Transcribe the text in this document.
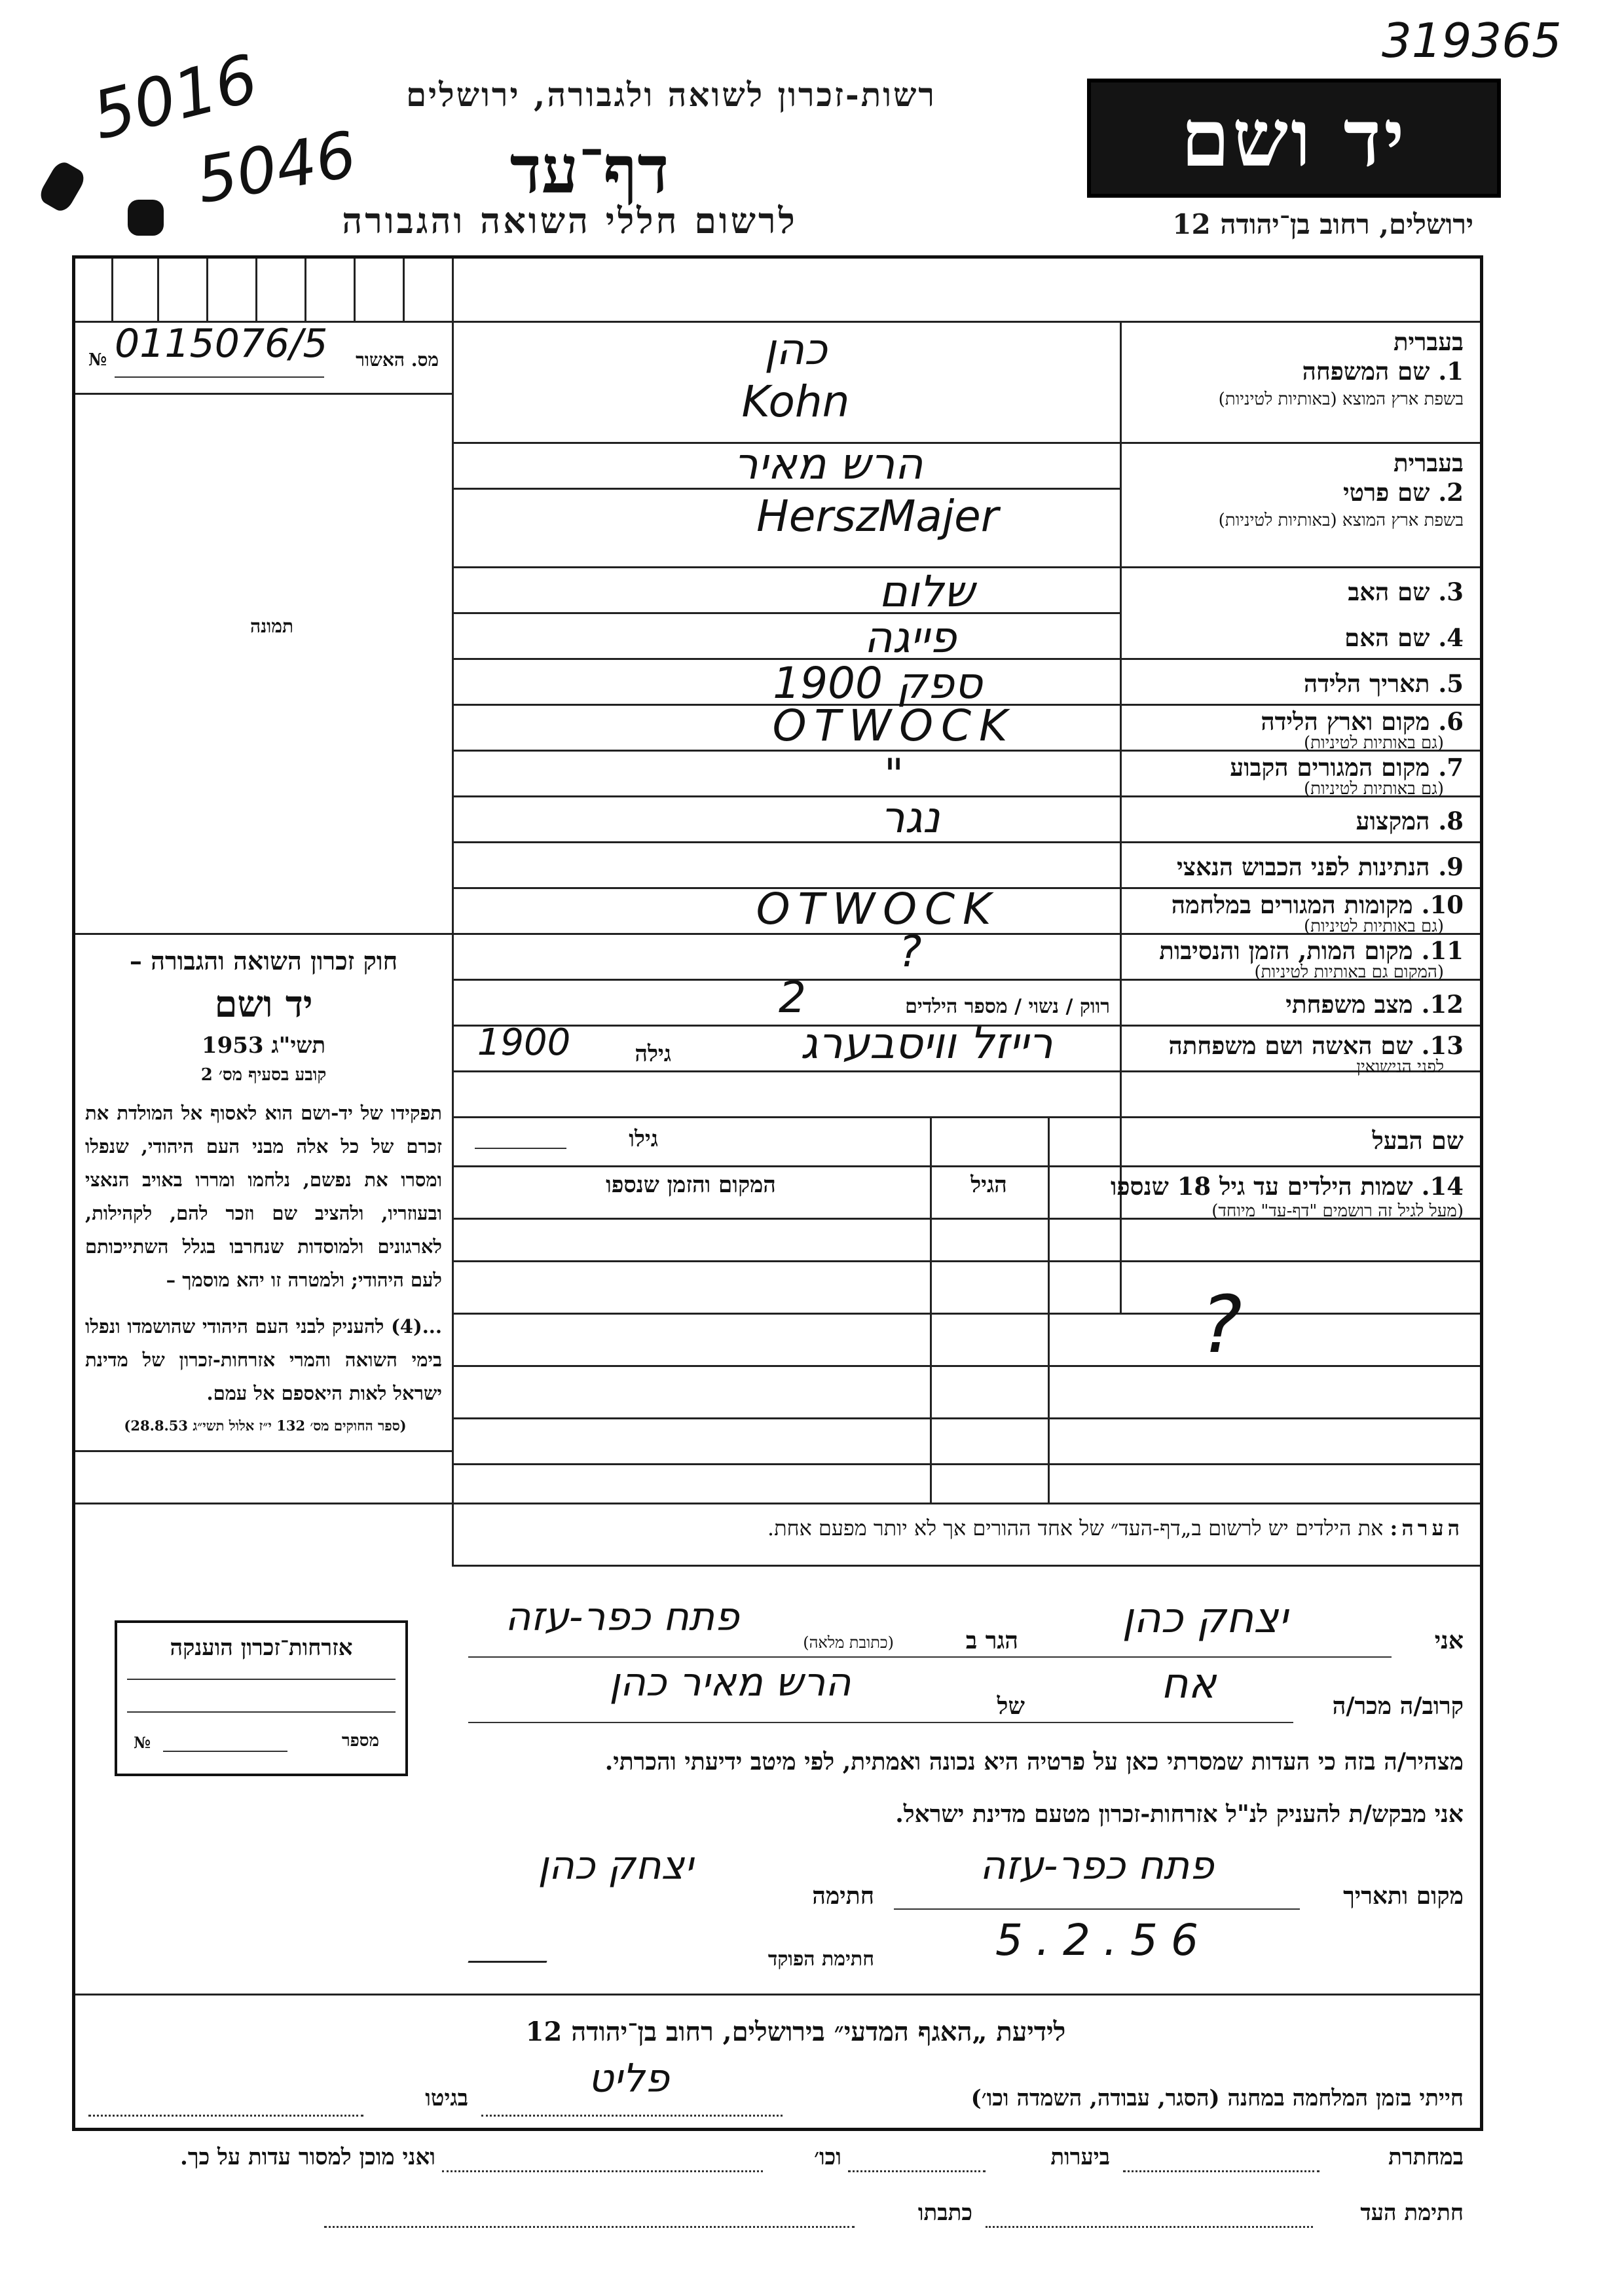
319365
5016
5046
רשות-זכרון לשואה ולגבורה, ירושלים
דף־עד
לרשום חללי השואה והגבורה
יד ושם
ירושלים, רחוב בן־יהודה 12
№ 0115076/5	מס. האשור
תמונה
בעברית
1. שם המשפחה
בשפת ארץ המוצא (באותיות לטיניות)
כהן
Kohn
בעברית
2. שם פרטי
בשפת ארץ המוצא (באותיות לטיניות)
הרש מאיר
HerszMajer
3. שם האב
שלום
4. שם האם
פייגה
5. תאריך הלידה
1900 ספק
6. מקום וארץ הלידה
(גם באותיות לטיניות)
OTWOCK
7. מקום המגורים הקבוע
(גם באותיות לטיניות)
"
8. המקצוע
נגר
9. הנתינות לפני הכבוש הנאצי
10. מקומות המגורים במלחמה
(גם באותיות לטיניות)
OTWOCK
11. מקום המות, הזמן והנסיבות
(המקום גם באותיות לטיניות)
?
12. מצב משפחתי
רווק / נשוי / מספר הילדים
2
13. שם האשה ושם משפחתה
לפני הנישואין
רייזל וויסבערג
גילה
1900
שם הבעל
גילו
14. שמות הילדים עד גיל 18 שנספו
(מעל לגיל זה רושמים "דף-עד" מיוחד)
הגיל
המקום והזמן שנספו
?
חוק זכרון השואה והגבורה –
יד ושם
תשי"ג 1953
קובע בסעיף מס׳ 2
תפקידו של יד-ושם הוא לאסוף אל המולדת את זכרם של כל אלה מבני העם היהודי, שנפלו ומסרו את נפשם, נלחמו ומררו באויב הנאצי ובעוזריו, ולהציב שם וזכר להם, לקהילות, לארגונים ולמוסדות שנחרבו בגלל השתייכותם לעם היהודי; ולמטרה זו יהא מוסמך –
...(4) להעניק לבני העם היהודי שהושמדו ונפלו בימי השואה והמרי אזרחות-זכרון של מדינת ישראל לאות היאספם אל עמם.
(ספר החוקים מס׳ 132 י״ז אלול תשי״ג 28.8.53)
הערה: את הילדים יש לרשום ב„דף-העד״ של אחד ההורים אך לא יותר מפעם אחת.
אני
יצחק כהן
הגר ב
(כתובת מלאה)
פתח כפר-עזה
קרוב/ה מכר/ה
אח
של
הרש מאיר כהן
מצהיר/ה בזה כי העדות שמסרתי כאן על פרטיה היא נכונה ואמתית, לפי מיטב ידיעתי והכרתי.
אני מבקש/ת להעניק לנ"ל אזרחות-זכרון מטעם מדינת ישראל.
מקום ותאריך
פתח כפר-עזה
5.2.56
חתימה
יצחק כהן
חתימת הפוקד
אזרחות־זכרון הוענקה
מספר
№
לידיעת „האגף המדעי״ בירושלים, רחוב בן־יהודה 12
חייתי בזמן המלחמה במחנה (הסגר, עבודה, השמדה וכו׳)
פליט
בגיטו
במחתרת
ביערות
וכו׳
ואני מוכן למסור עדות על כך.
חתימת העד
כתבתו
